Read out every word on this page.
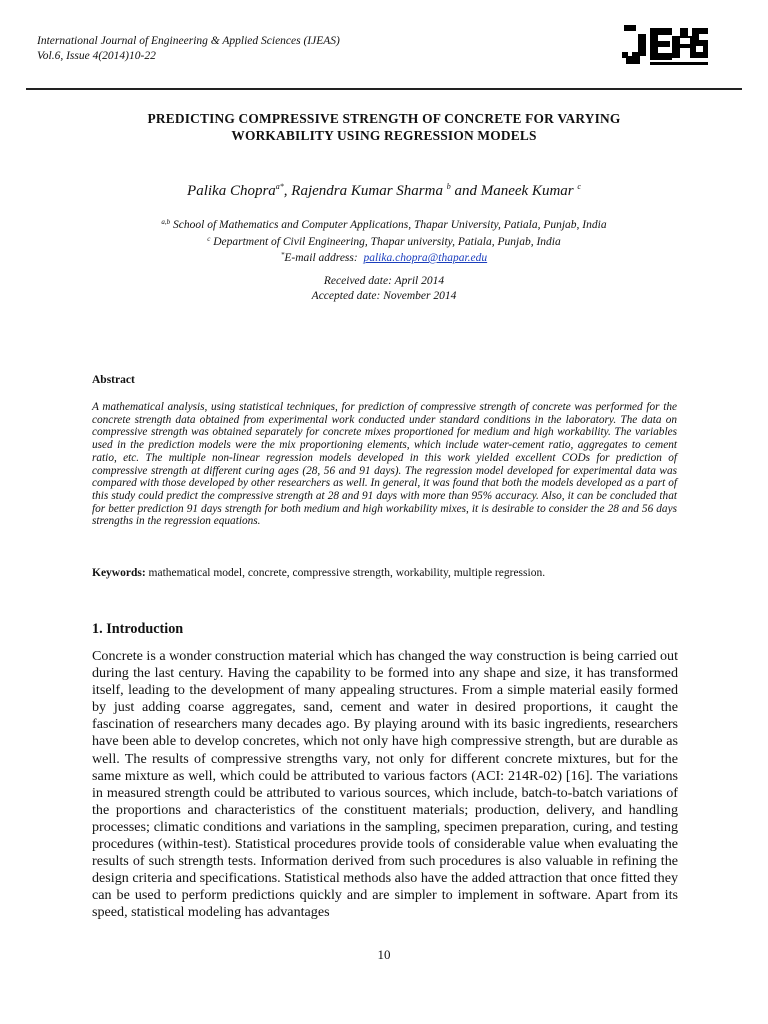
International Journal of Engineering & Applied Sciences (IJEAS)
Vol.6, Issue 4(2014)10-22
PREDICTING COMPRESSIVE STRENGTH OF CONCRETE FOR VARYING
WORKABILITY USING REGRESSION MODELS
Palika Chopra$^{a*}$, Rajendra Kumar Sharma $^b$ and Maneek Kumar $^c$
$^{a,b}$ School of Mathematics and Computer Applications, Thapar University, Patiala, Punjab, India
$^c$ Department of Civil Engineering, Thapar university, Patiala, Punjab, India
*E-mail address: palika.chopra@thapar.edu
Received date: April 2014
Accepted date: November 2014
Abstract
A mathematical analysis, using statistical techniques, for prediction of compressive strength of concrete was performed for the concrete strength data obtained from experimental work conducted under standard conditions in the laboratory. The data on compressive strength was obtained separately for concrete mixes proportioned for medium and high workability. The variables used in the prediction models were the mix proportioning elements, which include water-cement ratio, aggregates to cement ratio, etc. The multiple non-linear regression models developed in this work yielded excellent CODs for prediction of compressive strength at different curing ages (28, 56 and 91 days). The regression model developed for experimental data was compared with those developed by other researchers as well. In general, it was found that both the models developed as a part of this study could predict the compressive strength at 28 and 91 days with more than 95% accuracy. Also, it can be concluded that for better prediction 91 days strength for both medium and high workability mixes, it is desirable to consider the 28 and 56 days strengths in the regression equations.
Keywords: mathematical model, concrete, compressive strength, workability, multiple regression.
1. Introduction
Concrete is a wonder construction material which has changed the way construction is being carried out during the last century. Having the capability to be formed into any shape and size, it has transformed itself, leading to the development of many appealing structures. From a simple material easily formed by just adding coarse aggregates, sand, cement and water in desired proportions, it caught the fascination of researchers many decades ago. By playing around with its basic ingredients, researchers have been able to develop concretes, which not only have high compressive strength, but are durable as well. The results of compressive strengths vary, not only for different concrete mixtures, but for the same mixture as well, which could be attributed to various factors (ACI: 214R-02) [16]. The variations in measured strength could be attributed to various sources, which include, batch-to-batch variations of the proportions and characteristics of the constituent materials; production, delivery, and handling processes; climatic conditions and variations in the sampling, specimen preparation, curing, and testing procedures (within-test). Statistical procedures provide tools of considerable value when evaluating the results of such strength tests. Information derived from such procedures is also valuable in refining the design criteria and specifications. Statistical methods also have the added attraction that once fitted they can be used to perform predictions quickly and are simpler to implement in software. Apart from its speed, statistical modeling has advantages
10
